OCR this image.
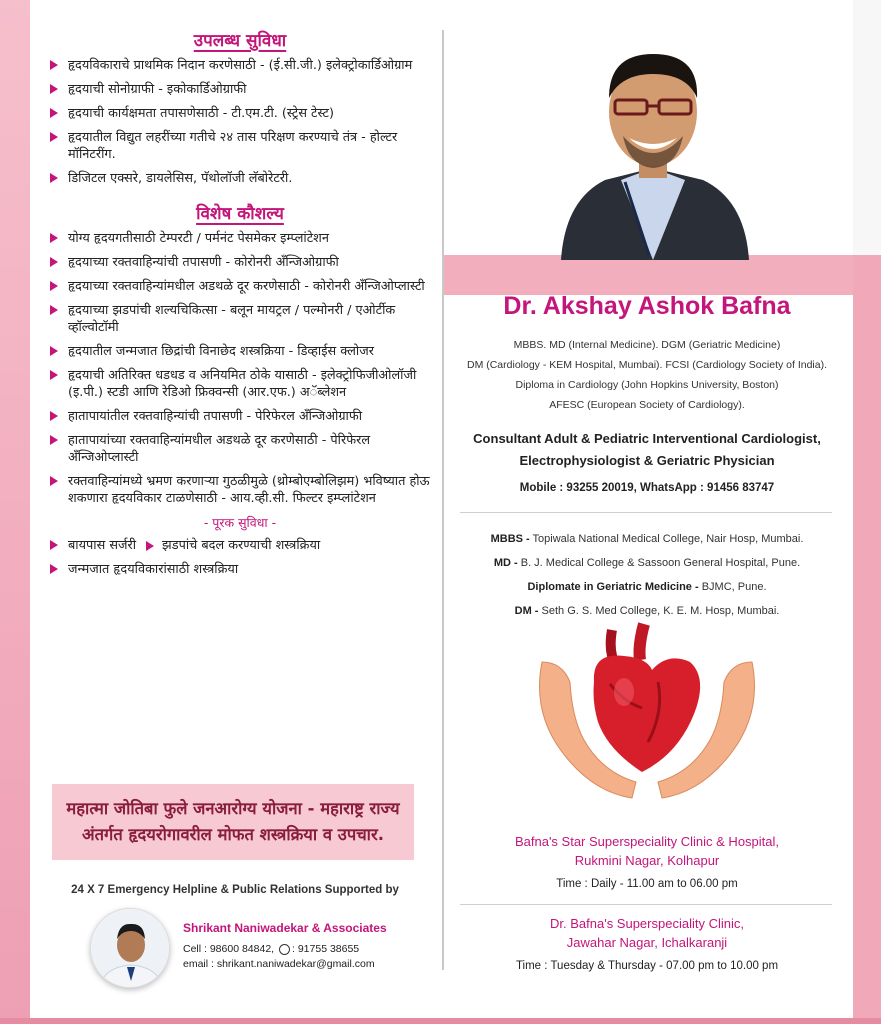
उपलब्ध सुविधा
हृदयविकाराचे प्राथमिक निदान करणेसाठी - (ई.सी.जी.) इलेक्ट्रोकार्डिओग्राम
हृदयाची सोनोग्राफी - इकोकार्डिओग्राफी
हृदयाची कार्यक्षमता तपासणेसाठी - टी.एम.टी. (स्ट्रेस टेस्ट)
हृदयातील विद्युत लहरींच्या गतीचे २४ तास परिक्षण करण्याचे तंत्र - होल्टर मॉनिटरींग.
डिजिटल एक्सरे, डायलेसिस, पॅथोलॉजी लॅबोरेटरी.
विशेष कौशल्य
योग्य हृदयगतीसाठी टेम्परटी / पर्मनंट पेसमेकर इम्प्लांटेशन
हृदयाच्या रक्तवाहिन्यांची तपासणी - कोरोनरी अँन्जिओग्राफी
हृदयाच्या रक्तवाहिन्यांमधील अडथळे दूर करणेसाठी - कोरोनरी अँन्जिओप्लास्टी
हृदयाच्या झडपांची शल्यचिकित्सा - बलून मायट्रल / पल्मोनरी / एओर्टीक व्हॉल्वोटॉमी
हृदयातील जन्मजात छिद्रांची विनाछेद शस्त्रक्रिया - डिव्हाईस क्लोजर
हृदयाची अतिरिक्त धडधड व अनियमित ठोके यासाठी - इलेक्ट्रोफिजीओलॉजी (इ.पी.) स्टडी आणि रेडिओ फ्रिक्वन्सी (आर.एफ.) अॅब्लेशन
हातापायांतील रक्तवाहिन्यांची तपासणी - पेरिफेरल अँन्जिओग्राफी
हातापायांच्या रक्तवाहिन्यांमधील अडथळे दूर करणेसाठी - पेरिफेरल अँन्जिओप्लास्टी
रक्तवाहिन्यांमध्ये भ्रमण करणाऱ्या गुठळीमुळे (थ्रोम्बोएम्बोलिझम) भविष्यात होऊ शकणारा हृदयविकार टाळणेसाठी - आय.व्ही.सी. फिल्टर इम्प्लांटेशन
- पूरक सुविधा -
बायपास सर्जरी झडपांचे बदल करण्याची शस्त्रक्रिया
जन्मजात हृदयविकारांसाठी शस्त्रक्रिया
महात्मा जोतिबा फुले जनआरोग्य योजना - महाराष्ट्र राज्य
अंतर्गत हृदयरोगावरील मोफत शस्त्रक्रिया व उपचार.
24 X 7 Emergency Helpline & Public Relations Supported by
Shrikant Naniwadekar & Associates
Cell : 98600 84842, : 91755 38655
email : shrikant.naniwadekar@gmail.com
Dr. Akshay Ashok Bafna
MBBS. MD (Internal Medicine). DGM (Geriatric Medicine)
DM (Cardiology - KEM Hospital, Mumbai). FCSI (Cardiology Society of India).
Diploma in Cardiology (John Hopkins University, Boston)
AFESC (European Society of Cardiology).
Consultant Adult & Pediatric Interventional Cardiologist,
Electrophysiologist & Geriatric Physician
Mobile : 93255 20019, WhatsApp : 91456 83747
MBBS - Topiwala National Medical College, Nair Hosp, Mumbai.
MD - B. J. Medical College & Sassoon General Hospital, Pune.
Diplomate in Geriatric Medicine - BJMC, Pune.
DM - Seth G. S. Med College, K. E. M. Hosp, Mumbai.
Bafna's Star Superspeciality Clinic & Hospital,
Rukmini Nagar, Kolhapur
Time : Daily - 11.00 am to 06.00 pm
Dr. Bafna's Superspeciality Clinic,
Jawahar Nagar, Ichalkaranji
Time : Tuesday & Thursday - 07.00 pm to 10.00 pm
